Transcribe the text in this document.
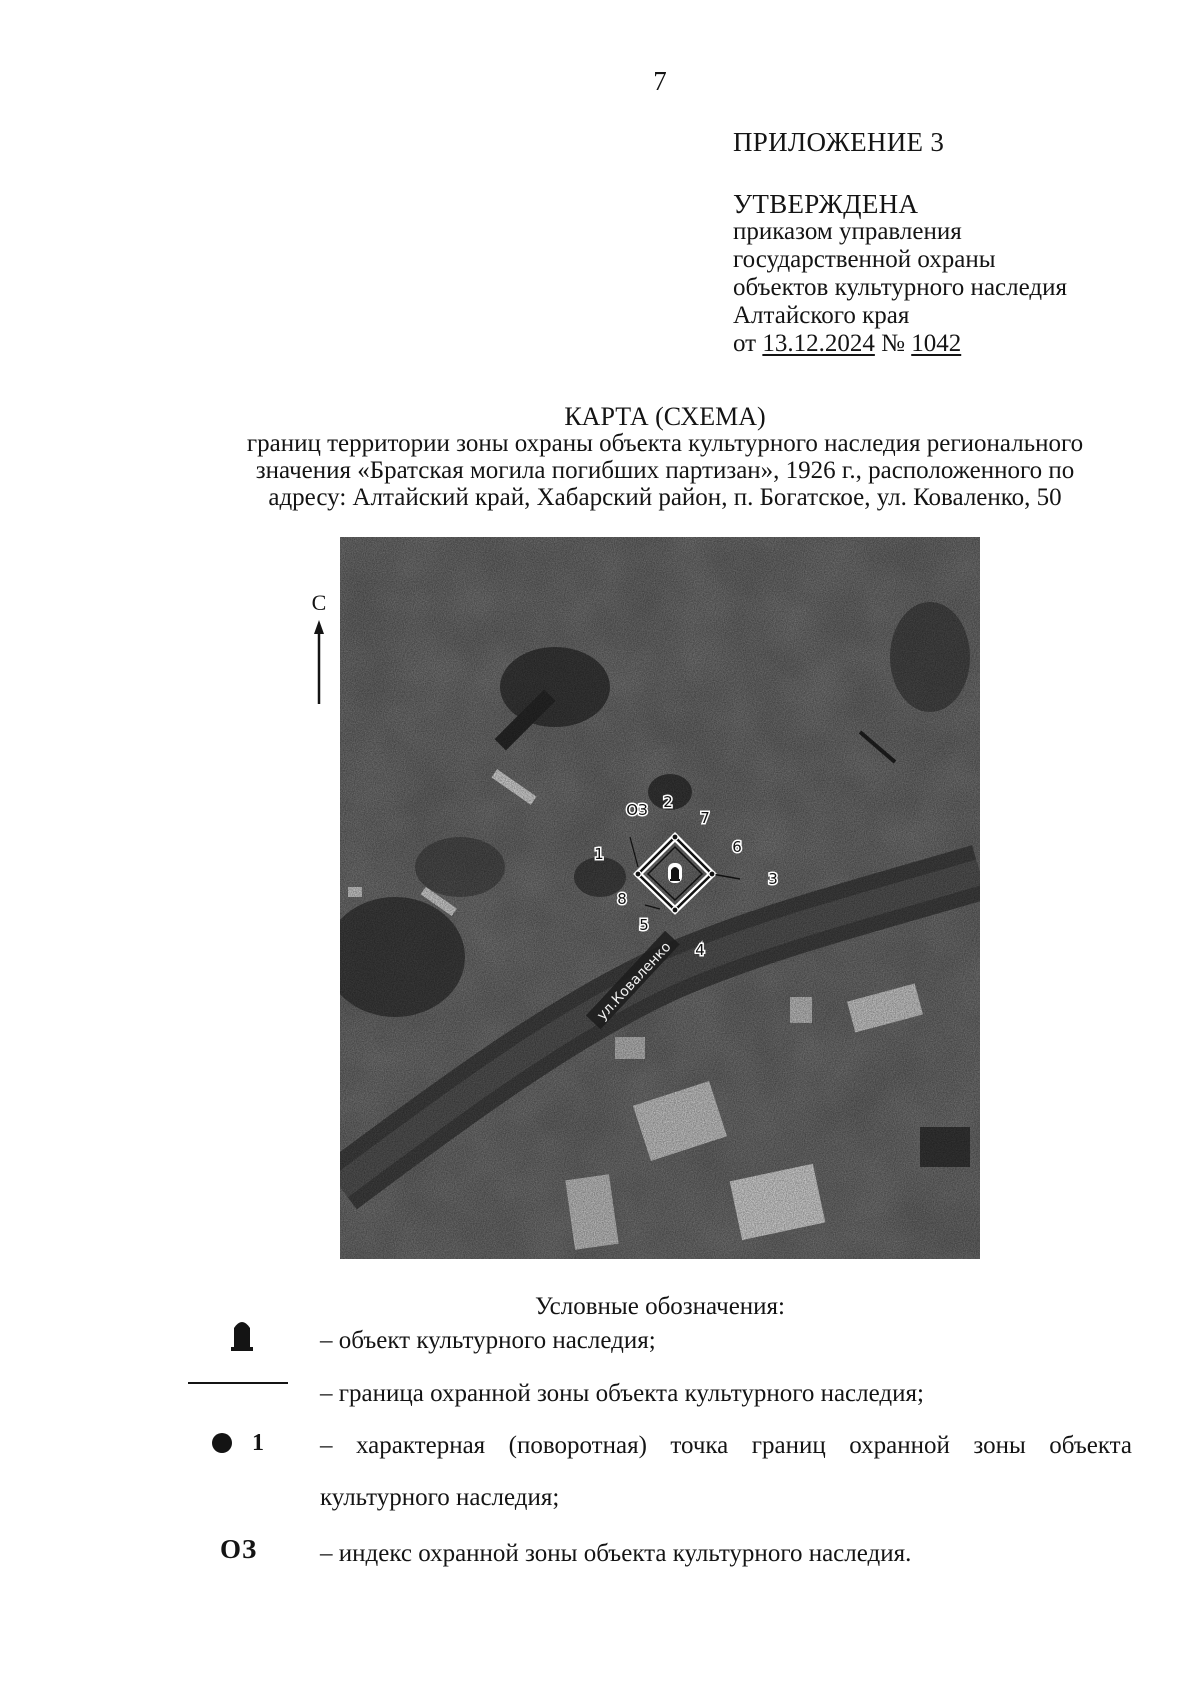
7
ПРИЛОЖЕНИЕ 3
УТВЕРЖДЕНА
приказом управления
государственной охраны
объектов культурного наследия
Алтайского края
от 13.12.2024 № 1042
КАРТА (СХЕМА)
границ территории зоны охраны объекта культурного наследия регионального
значения «Братская могила погибших партизан», 1926 г., расположенного по
адресу: Алтайский край, Хабарский район, п. Богатское, ул. Коваленко, 50
С
ул.Коваленко
ОЗ 2
7
1	6
3
8
5
4
Условные обозначения:
– объект культурного наследия;
– граница охранной зоны объекта культурного наследия;
1 – характерная (поворотная) точка границ охранной зоны объекта
культурного наследия;
ОЗ	– индекс охранной зоны объекта культурного наследия.
